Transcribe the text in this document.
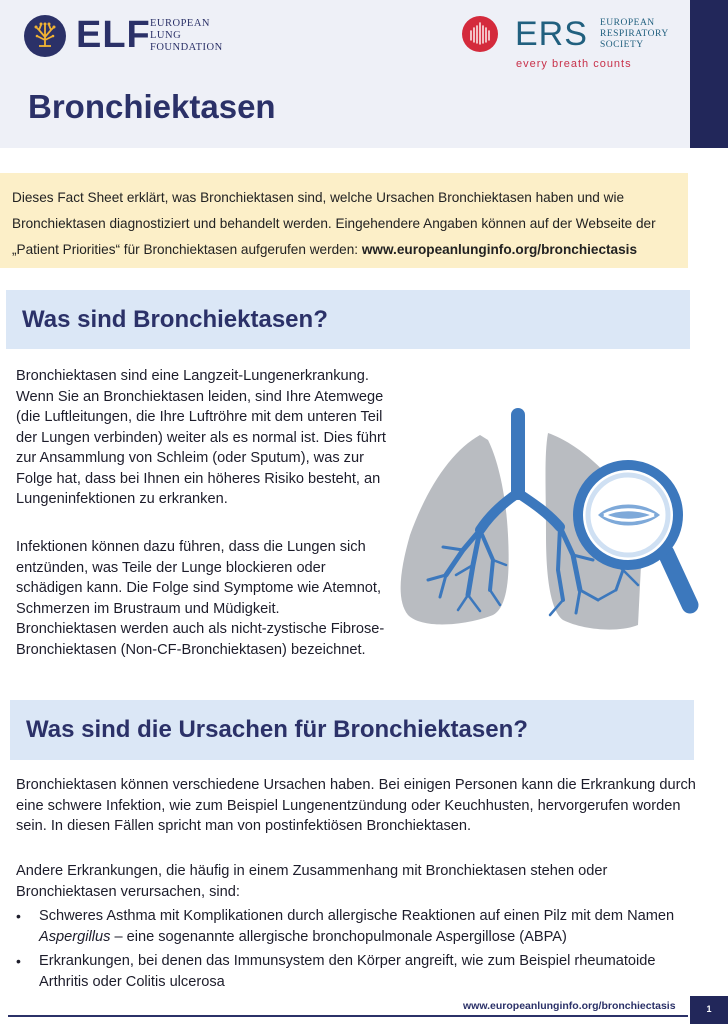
ELF EUROPEAN
LUNG
FOUNDATION	ERS EUROPEAN
RESPIRATORY
SOCIETY
every breath counts
Bronchiektasen
Dieses Fact Sheet erklärt, was Bronchiektasen sind, welche Ursachen Bronchiektasen haben und wie Bronchiektasen diagnostiziert und behandelt werden. Eingehendere Angaben können auf der Webseite der „Patient Priorities“ für Bronchiektasen aufgerufen werden: www.europeanlunginfo.org/bronchiectasis
Was sind Bronchiektasen?

Bronchiektasen sind eine Langzeit-Lungenerkrankung. Wenn Sie an Bronchiektasen leiden, sind Ihre Atemwege (die Luftleitungen, die Ihre Luftröhre mit dem unteren Teil der Lungen verbinden) weiter als es normal ist. Dies führt zur Ansammlung von Schleim (oder Sputum), was zur Folge hat, dass bei Ihnen ein höheres Risiko besteht, an Lungeninfektionen zu erkranken.

Infektionen können dazu führen, dass die Lungen sich entzünden, was Teile der Lunge blockieren oder schädigen kann. Die Folge sind Symptome wie Atemnot, Schmerzen im Brustraum und Müdigkeit.

Bronchiektasen werden auch als nicht-zystische Fibrose-Bronchiektasen (Non-CF-Bronchiektasen) bezeichnet.

Was sind die Ursachen für Bronchiektasen?

Bronchiektasen können verschiedene Ursachen haben. Bei einigen Personen kann die Erkrankung durch eine schwere Infektion, wie zum Beispiel Lungenentzündung oder Keuchhusten, hervorgerufen worden sein. In diesen Fällen spricht man von postinfektiösen Bronchiektasen.

Andere Erkrankungen, die häufig in einem Zusammenhang mit Bronchiektasen stehen oder Bronchiektasen verursachen, sind:

• Schweres Asthma mit Komplikationen durch allergische Reaktionen auf einen Pilz mit dem Namen Aspergillus – eine sogenannte allergische bronchopulmonale Aspergillose (ABPA)
• Erkrankungen, bei denen das Immunsystem den Körper angreift, wie zum Beispiel rheumatoide Arthritis oder Colitis ulcerosa
www.europeanlunginfo.org/bronchiectasis	1
